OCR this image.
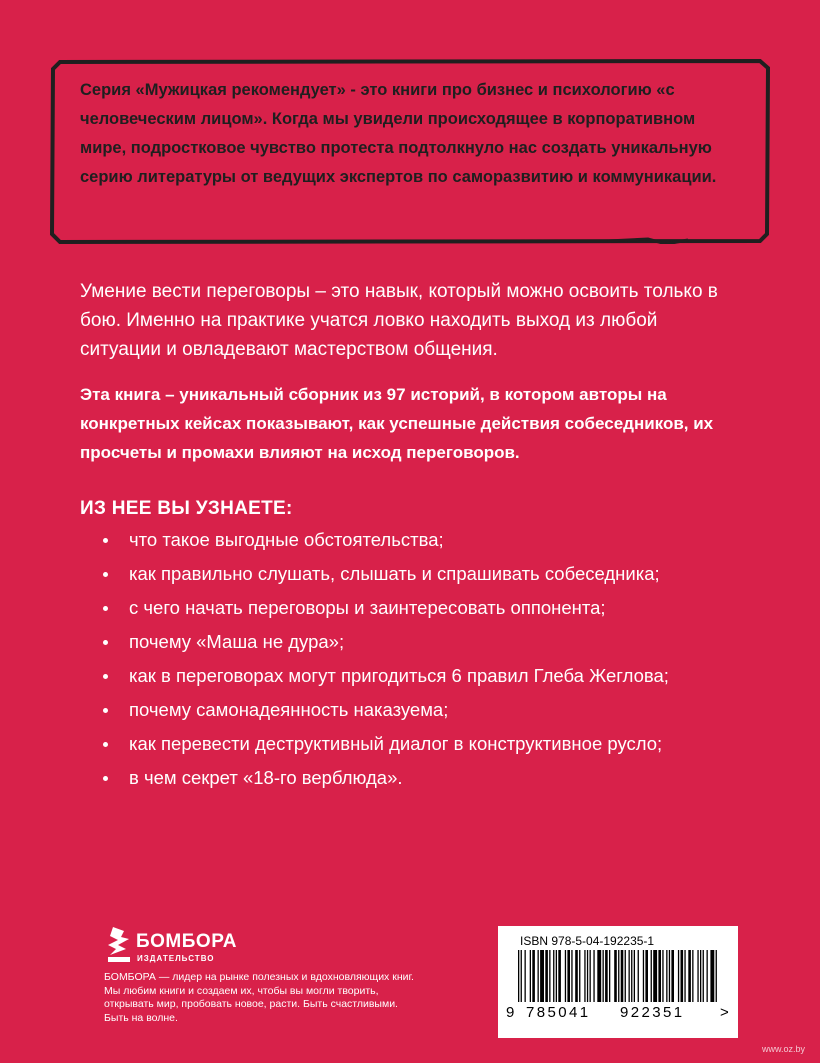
Серия «Мужицкая рекомендует» - это книги про бизнес и психологию «с человеческим лицом». Когда мы увидели происходящее в корпоративном мире, подростковое чувство протеста подтолкнуло нас создать уникальную серию литературы от ведущих экспертов по саморазвитию и коммуникации.

Умение вести переговоры – это навык, который можно освоить только в бою. Именно на практике учатся ловко находить выход из любой ситуации и овладевают мастерством общения.

Эта книга – уникальный сборник из 97 историй, в котором авторы на конкретных кейсах показывают, как успешные действия собеседников, их просчеты и промахи влияют на исход переговоров.

ИЗ НЕЕ ВЫ УЗНАЕТЕ:
что такое выгодные обстоятельства;
как правильно слушать, слышать и спрашивать собеседника;
с чего начать переговоры и заинтересовать оппонента;
почему «Маша не дура»;
как в переговорах могут пригодиться 6 правил Глеба Жеглова;
почему самонадеянность наказуема;
как перевести деструктивный диалог в конструктивное русло;
в чем секрет «18-го верблюда».
БОМБОРА
ИЗДАТЕЛЬСТВО

БОМБОРА — лидер на рынке полезных и вдохновляющих книг. Мы любим книги и создаем их, чтобы вы могли творить, открывать мир, пробовать новое, расти. Быть счастливыми. Быть на волне.

ISBN 978-5-04-192235-1
9 785041 922351 >
www.oz.by
